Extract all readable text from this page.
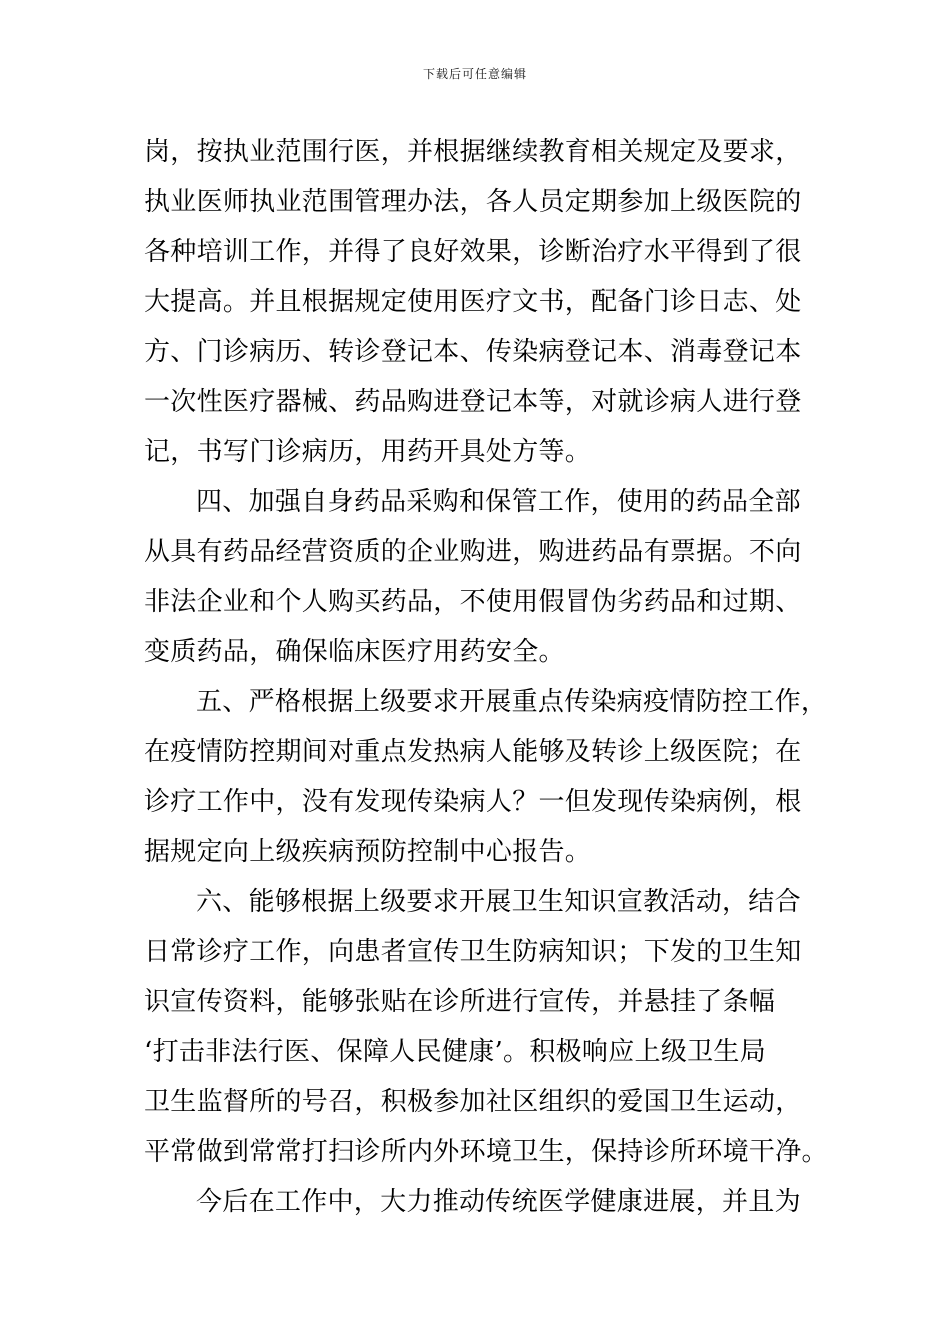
下载后可任意编辑
岗，按执业范围行医，并根据继续教育相关规定及要求，
执业医师执业范围管理办法，各人员定期参加上级医院的
各种培训工作，并得了良好效果，诊断治疗水平得到了很
大提高。并且根据规定使用医疗文书，配备门诊日志、处
方、门诊病历、转诊登记本、传染病登记本、消毒登记本
一次性医疗器械、药品购进登记本等，对就诊病人进行登
记，书写门诊病历，用药开具处方等。
四、加强自身药品采购和保管工作，使用的药品全部
从具有药品经营资质的企业购进，购进药品有票据。不向
非法企业和个人购买药品，不使用假冒伪劣药品和过期、
变质药品，确保临床医疗用药安全。
五、严格根据上级要求开展重点传染病疫情防控工作，
在疫情防控期间对重点发热病人能够及转诊上级医院；在
诊疗工作中，没有发现传染病人？一但发现传染病例，根
据规定向上级疾病预防控制中心报告。
六、能够根据上级要求开展卫生知识宣教活动，结合
日常诊疗工作，向患者宣传卫生防病知识；下发的卫生知
识宣传资料，能够张贴在诊所进行宣传，并悬挂了条幅
‘打击非法行医、保障人民健康’。积极响应上级卫生局
卫生监督所的号召，积极参加社区组织的爱国卫生运动，
平常做到常常打扫诊所内外环境卫生，保持诊所环境干净。
今后在工作中，大力推动传统医学健康进展，并且为
